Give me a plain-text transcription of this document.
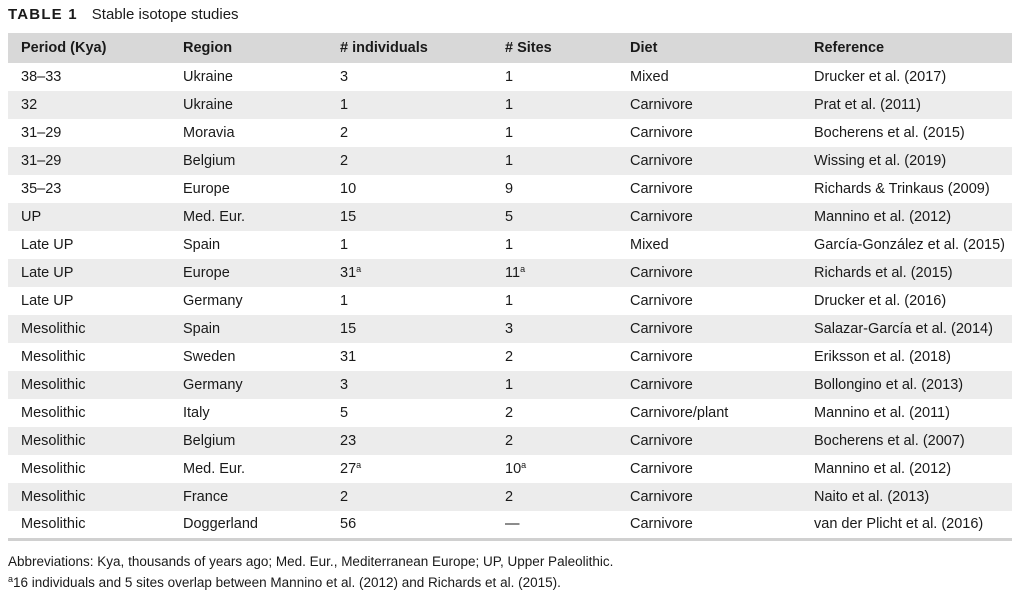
TABLE 1 Stable isotope studies
Period (Kya)	Region	# individuals	# Sites	Diet	Reference
38–33	Ukraine	3	1	Mixed	Drucker et al. (2017)
32	Ukraine	1	1	Carnivore	Prat et al. (2011)
31–29	Moravia	2	1	Carnivore	Bocherens et al. (2015)
31–29	Belgium	2	1	Carnivore	Wissing et al. (2019)
35–23	Europe	10	9	Carnivore	Richards & Trinkaus (2009)
UP	Med. Eur.	15	5	Carnivore	Mannino et al. (2012)
Late UP	Spain	1	1	Mixed	García-González et al. (2015)
Late UP	Europe	31$^a$	11$^a$	Carnivore	Richards et al. (2015)
Late UP	Germany	1	1	Carnivore	Drucker et al. (2016)
Mesolithic	Spain	15	3	Carnivore	Salazar-García et al. (2014)
Mesolithic	Sweden	31	2	Carnivore	Eriksson et al. (2018)
Mesolithic	Germany	3	1	Carnivore	Bollongino et al. (2013)
Mesolithic	Italy	5	2	Carnivore/plant	Mannino et al. (2011)
Mesolithic	Belgium	23	2	Carnivore	Bocherens et al. (2007)
Mesolithic	Med. Eur.	27$^a$	10$^a$	Carnivore	Mannino et al. (2012)
Mesolithic	France	2	2	Carnivore	Naito et al. (2013)
Mesolithic	Doggerland	56	—	Carnivore	van der Plicht et al. (2016)
Abbreviations: Kya, thousands of years ago; Med. Eur., Mediterranean Europe; UP, Upper Paleolithic.
$^a$16 individuals and 5 sites overlap between Mannino et al. (2012) and Richards et al. (2015).
